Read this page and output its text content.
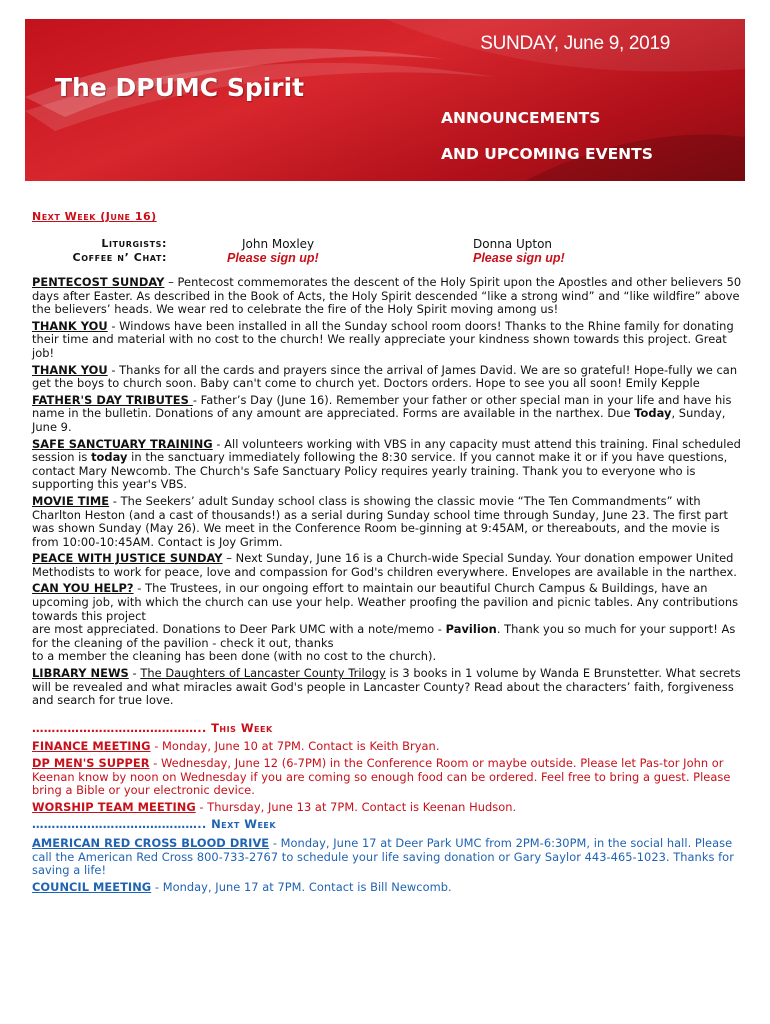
SUNDAY, June 9, 2019
The DPUMC Spirit
ANNOUNCEMENTS
AND UPCOMING EVENTS
Next Week (June 16)
Liturgists:
Coffee n’ Chat:
John Moxley	Donna Upton
Please sign up!	Please sign up!

PENTECOST SUNDAY – Pentecost commemorates the descent of the Holy Spirit upon the Apostles and other believers 50 days after Easter. As described in the Book of Acts, the Holy Spirit descended “like a strong wind” and “like wildfire” above the believers’ heads. We wear red to celebrate the fire of the Holy Spirit moving among us!

THANK YOU - Windows have been installed in all the Sunday school room doors! Thanks to the Rhine family for donating their time and material with no cost to the church! We really appreciate your kindness shown towards this project. Great job!

THANK YOU - Thanks for all the cards and prayers since the arrival of James David. We are so grateful! Hope-fully we can get the boys to church soon. Baby can't come to church yet. Doctors orders. Hope to see you all soon! Emily Kepple

FATHER'S DAY TRIBUTES - Father’s Day (June 16). Remember your father or other special man in your life and have his name in the bulletin. Donations of any amount are appreciated. Forms are available in the narthex. Due Today, Sunday, June 9.

SAFE SANCTUARY TRAINING - All volunteers working with VBS in any capacity must attend this training. Final scheduled session is today in the sanctuary immediately following the 8:30 service. If you cannot make it or if you have questions, contact Mary Newcomb. The Church's Safe Sanctuary Policy requires yearly training. Thank you to everyone who is supporting this year's VBS.

MOVIE TIME - The Seekers’ adult Sunday school class is showing the classic movie “The Ten Commandments” with Charlton Heston (and a cast of thousands!) as a serial during Sunday school time through Sunday, June 23. The first part was shown Sunday (May 26). We meet in the Conference Room be-ginning at 9:45AM, or thereabouts, and the movie is from 10:00-10:45AM. Contact is Joy Grimm.

PEACE WITH JUSTICE SUNDAY – Next Sunday, June 16 is a Church-wide Special Sunday. Your donation empower United Methodists to work for peace, love and compassion for God's children everywhere. Envelopes are available in the narthex.

CAN YOU HELP? - The Trustees, in our ongoing effort to maintain our beautiful Church Campus & Buildings, have an upcoming job, with which the church can use your help. Weather proofing the pavilion and picnic tables. Any contributions towards this project
are most appreciated. Donations to Deer Park UMC with a note/memo - Pavilion. Thank you so much for your support! As for the cleaning of the pavilion - check it out, thanks
to a member the cleaning has been done (with no cost to the church).

LIBRARY NEWS - The Daughters of Lancaster County Trilogy is 3 books in 1 volume by Wanda E Brunstetter. What secrets will be revealed and what miracles await God's people in Lancaster County? Read about the characters’ faith, forgiveness and search for true love.

…………………………………….. This Week

FINANCE MEETING - Monday, June 10 at 7PM. Contact is Keith Bryan.

DP MEN'S SUPPER - Wednesday, June 12 (6-7PM) in the Conference Room or maybe outside. Please let Pas-tor John or Keenan know by noon on Wednesday if you are coming so enough food can be ordered. Feel free to bring a guest. Please bring a Bible or your electronic device.

WORSHIP TEAM MEETING - Thursday, June 13 at 7PM. Contact is Keenan Hudson.

…………………………………….. Next Week

AMERICAN RED CROSS BLOOD DRIVE - Monday, June 17 at Deer Park UMC from 2PM-6:30PM, in the social hall. Please call the American Red Cross 800-733-2767 to schedule your life saving donation or Gary Saylor 443-465-1023. Thanks for saving a life!

COUNCIL MEETING - Monday, June 17 at 7PM. Contact is Bill Newcomb.
